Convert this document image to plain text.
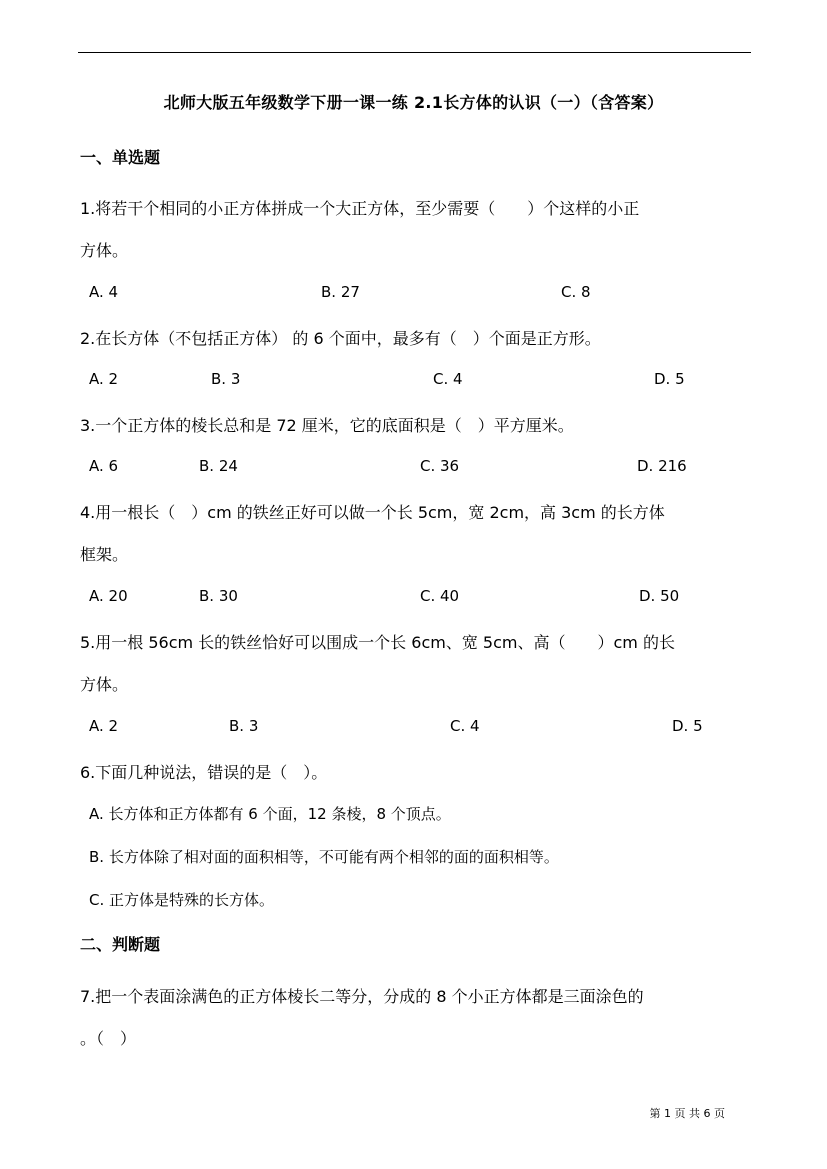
北师大版五年级数学下册一课一练 2.1长方体的认识（一）（含答案）
一、单选题
1.将若干个相同的小正方体拼成一个大正方体，至少需要（　　）个这样的小正
方体。
A. 4	B. 27	C. 8
2.在长方体（不包括正方体） 的 6 个面中，最多有（　）个面是正方形。
A. 2	B. 3	C. 4	D. 5
3.一个正方体的棱长总和是 72 厘米，它的底面积是（　）平方厘米。
A. 6	B. 24	C. 36	D. 216
4.用一根长（　）cm 的铁丝正好可以做一个长 5cm，宽 2cm，高 3cm 的长方体
框架。
A. 20	B. 30	C. 40	D. 50
5.用一根 56cm 长的铁丝恰好可以围成一个长 6cm、宽 5cm、高（　　）cm 的长
方体。
A. 2	B. 3	C. 4	D. 5
6.下面几种说法，错误的是（　）。
A. 长方体和正方体都有 6 个面，12 条棱，8 个顶点。
B. 长方体除了相对面的面积相等，不可能有两个相邻的面的面积相等。
C. 正方体是特殊的长方体。
二、判断题
7.把一个表面涂满色的正方体棱长二等分，分成的 8 个小正方体都是三面涂色的
。（　）
第 1 页 共 6 页
